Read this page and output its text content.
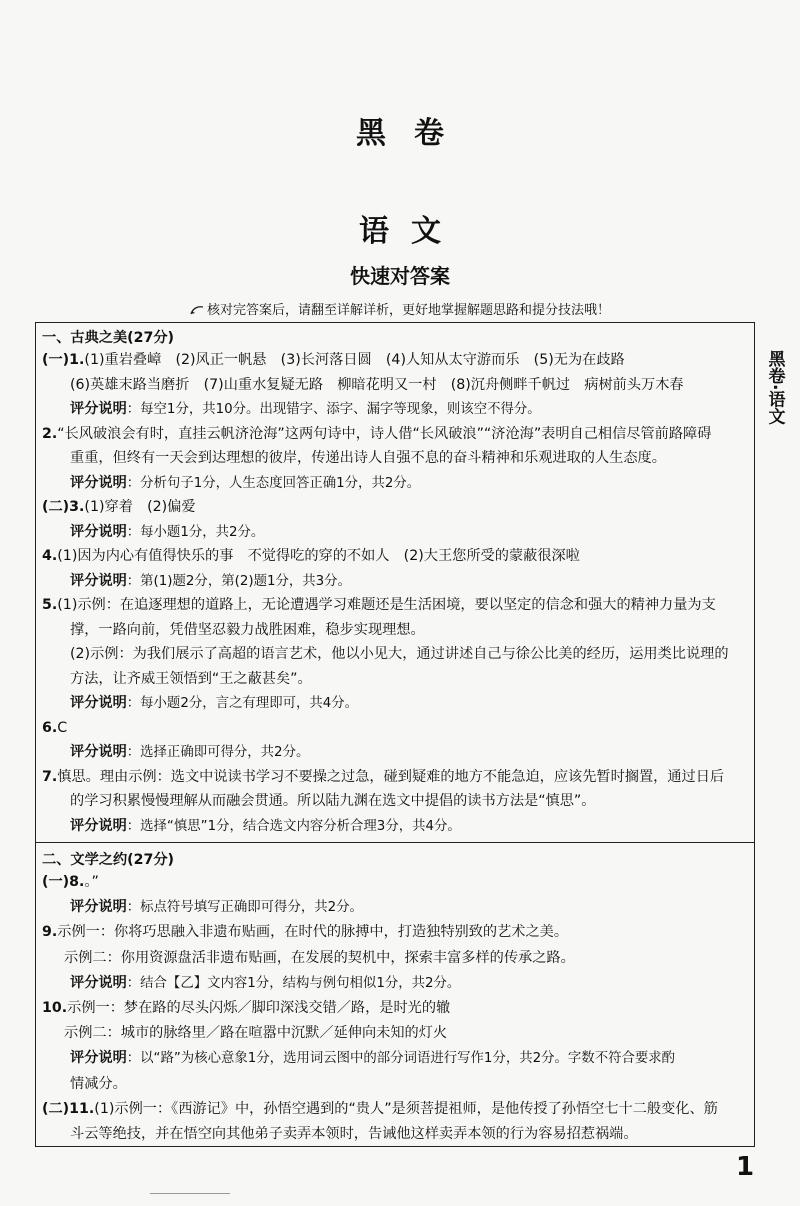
黑卷
语文
快速对答案
核对完答案后，请翻至详解详析，更好地掌握解题思路和提分技法哦！
黑卷·语文
一、古典之美(27分)
(一)1.(1)重岩叠嶂　(2)风正一帆悬　(3)长河落日圆　(4)人知从太守游而乐　(5)无为在歧路
(6)英雄末路当磨折　(7)山重水复疑无路　柳暗花明又一村　(8)沉舟侧畔千帆过　病树前头万木春
评分说明：每空1分，共10分。出现错字、添字、漏字等现象，则该空不得分。
2.“长风破浪会有时，直挂云帆济沧海”这两句诗中，诗人借“长风破浪”“济沧海”表明自己相信尽管前路障碍
重重，但终有一天会到达理想的彼岸，传递出诗人自强不息的奋斗精神和乐观进取的人生态度。
评分说明：分析句子1分，人生态度回答正确1分，共2分。
(二)3.(1)穿着　(2)偏爱
评分说明：每小题1分，共2分。
4.(1)因为内心有值得快乐的事　不觉得吃的穿的不如人　(2)大王您所受的蒙蔽很深啦
评分说明：第(1)题2分，第(2)题1分，共3分。
5.(1)示例：在追逐理想的道路上，无论遭遇学习难题还是生活困境，要以坚定的信念和强大的精神力量为支
撑，一路向前，凭借坚忍毅力战胜困难，稳步实现理想。
(2)示例：为我们展示了高超的语言艺术，他以小见大，通过讲述自己与徐公比美的经历，运用类比说理的
方法，让齐威王领悟到“王之蔽甚矣”。
评分说明：每小题2分，言之有理即可，共4分。
6.C
评分说明：选择正确即可得分，共2分。
7.慎思。理由示例：选文中说读书学习不要操之过急，碰到疑难的地方不能急迫，应该先暂时搁置，通过日后
的学习积累慢慢理解从而融会贯通。所以陆九渊在选文中提倡的读书方法是“慎思”。
评分说明：选择“慎思”1分，结合选文内容分析合理3分，共4分。
二、文学之约(27分)
(一)8.。”
评分说明：标点符号填写正确即可得分，共2分。
9.示例一：你将巧思融入非遗布贴画，在时代的脉搏中，打造独特别致的艺术之美。
示例二：你用资源盘活非遗布贴画，在发展的契机中，探索丰富多样的传承之路。
评分说明：结合【乙】文内容1分，结构与例句相似1分，共2分。
10.示例一：梦在路的尽头闪烁／脚印深浅交错／路，是时光的辙
示例二：城市的脉络里／路在喧嚣中沉默／延伸向未知的灯火
评分说明：以“路”为核心意象1分，选用词云图中的部分词语进行写作1分，共2分。字数不符合要求酌
情减分。
(二)11.(1)示例一：《西游记》中，孙悟空遇到的“贵人”是须菩提祖师，是他传授了孙悟空七十二般变化、筋
斗云等绝技，并在悟空向其他弟子卖弄本领时，告诫他这样卖弄本领的行为容易招惹祸端。
1
